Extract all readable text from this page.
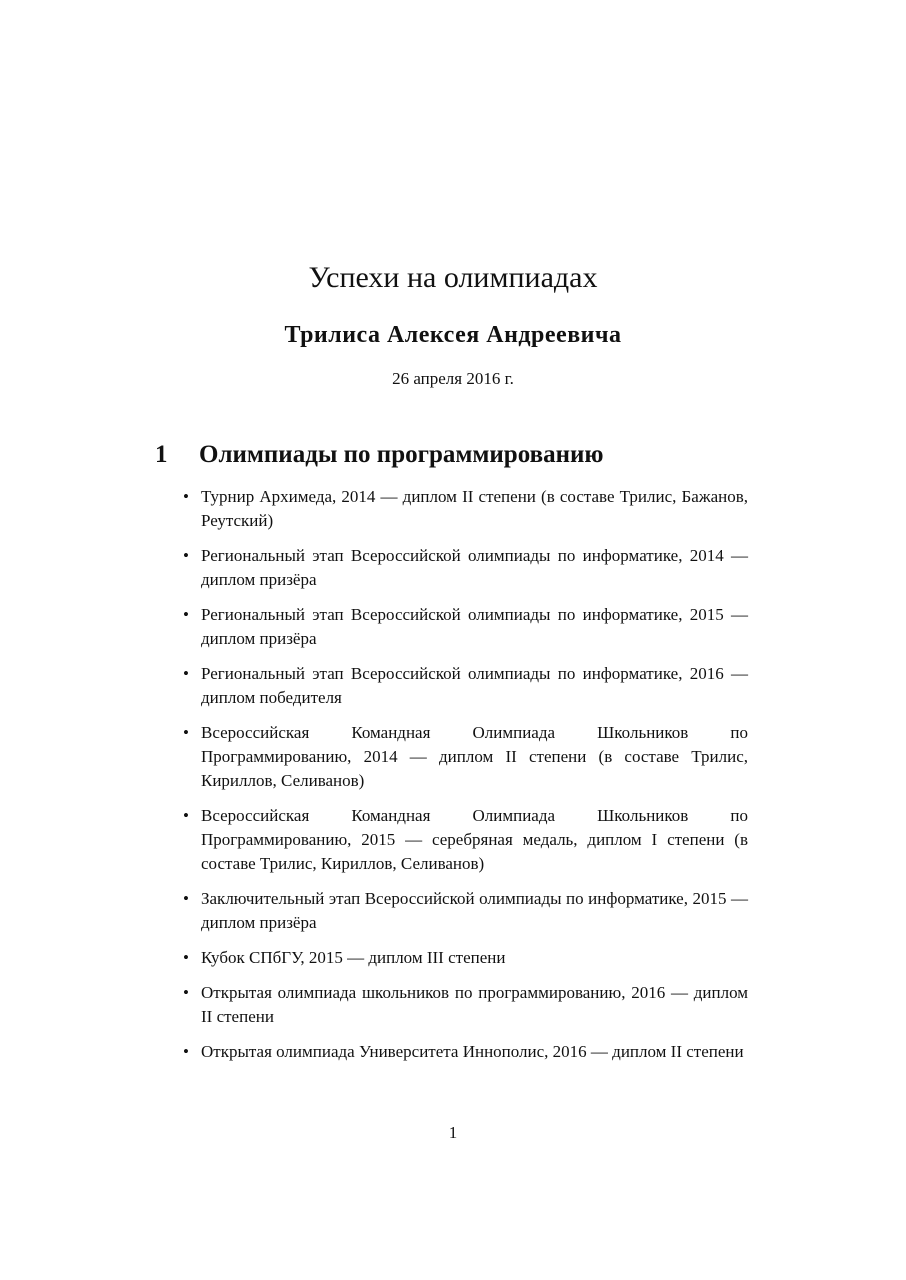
Успехи на олимпиадах
Трилиса Алексея Андреевича
26 апреля 2016 г.
1 Олимпиады по программированию
• Турнир Архимеда, 2014 — диплом II степени (в составе Трилис, Бажанов, Реутский)
• Региональный этап Всероссийской олимпиады по информатике, 2014 — диплом призёра
• Региональный этап Всероссийской олимпиады по информатике, 2015 — диплом призёра
• Региональный этап Всероссийской олимпиады по информатике, 2016 — диплом победителя
• Всероссийская Командная Олимпиада Школьников по Программированию, 2014 — диплом II степени (в составе Трилис, Кириллов, Селиванов)
• Всероссийская Командная Олимпиада Школьников по Программированию, 2015 — серебряная медаль, диплом I степени (в составе Трилис, Кириллов, Селиванов)
• Заключительный этап Всероссийской олимпиады по информатике, 2015 — диплом призёра
• Кубок СПбГУ, 2015 — диплом III степени
• Открытая олимпиада школьников по программированию, 2016 — диплом II степени
• Открытая олимпиада Университета Иннополис, 2016 — диплом II степени
1
